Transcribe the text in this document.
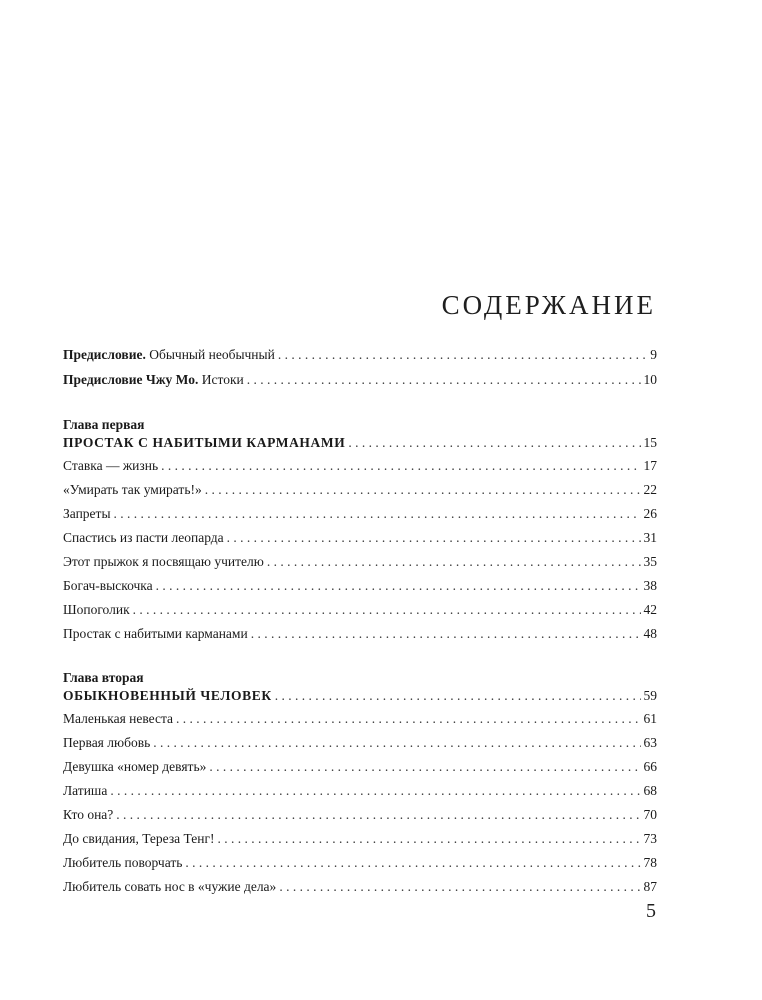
СОДЕРЖАНИЕ
Предисловие. Обычный необычный . . .	9
Предисловие Чжу Мо. Истоки . . .	10
Глава первая
ПРОСТАК С НАБИТЫМИ КАРМАНАМИ . . .	15
Ставка — жизнь . . .	17
«Умирать так умирать!» . . .	22
Запреты . . .	26
Спастись из пасти леопарда . . .	31
Этот прыжок я посвящаю учителю . . .	35
Богач-выскочка . . .	38
Шопоголик . . .	42
Простак с набитыми карманами . . .	48
Глава вторая
ОБЫКНОВЕННЫЙ ЧЕЛОВЕК . . .	59
Маленькая невеста . . .	61
Первая любовь . . .	63
Девушка «номер девять» . . .	66
Латиша . . .	68
Кто она? . . .	70
До свидания, Тереза Тенг! . . .	73
Любитель поворчать . . .	78
Любитель совать нос в «чужие дела» . . .	87
5
